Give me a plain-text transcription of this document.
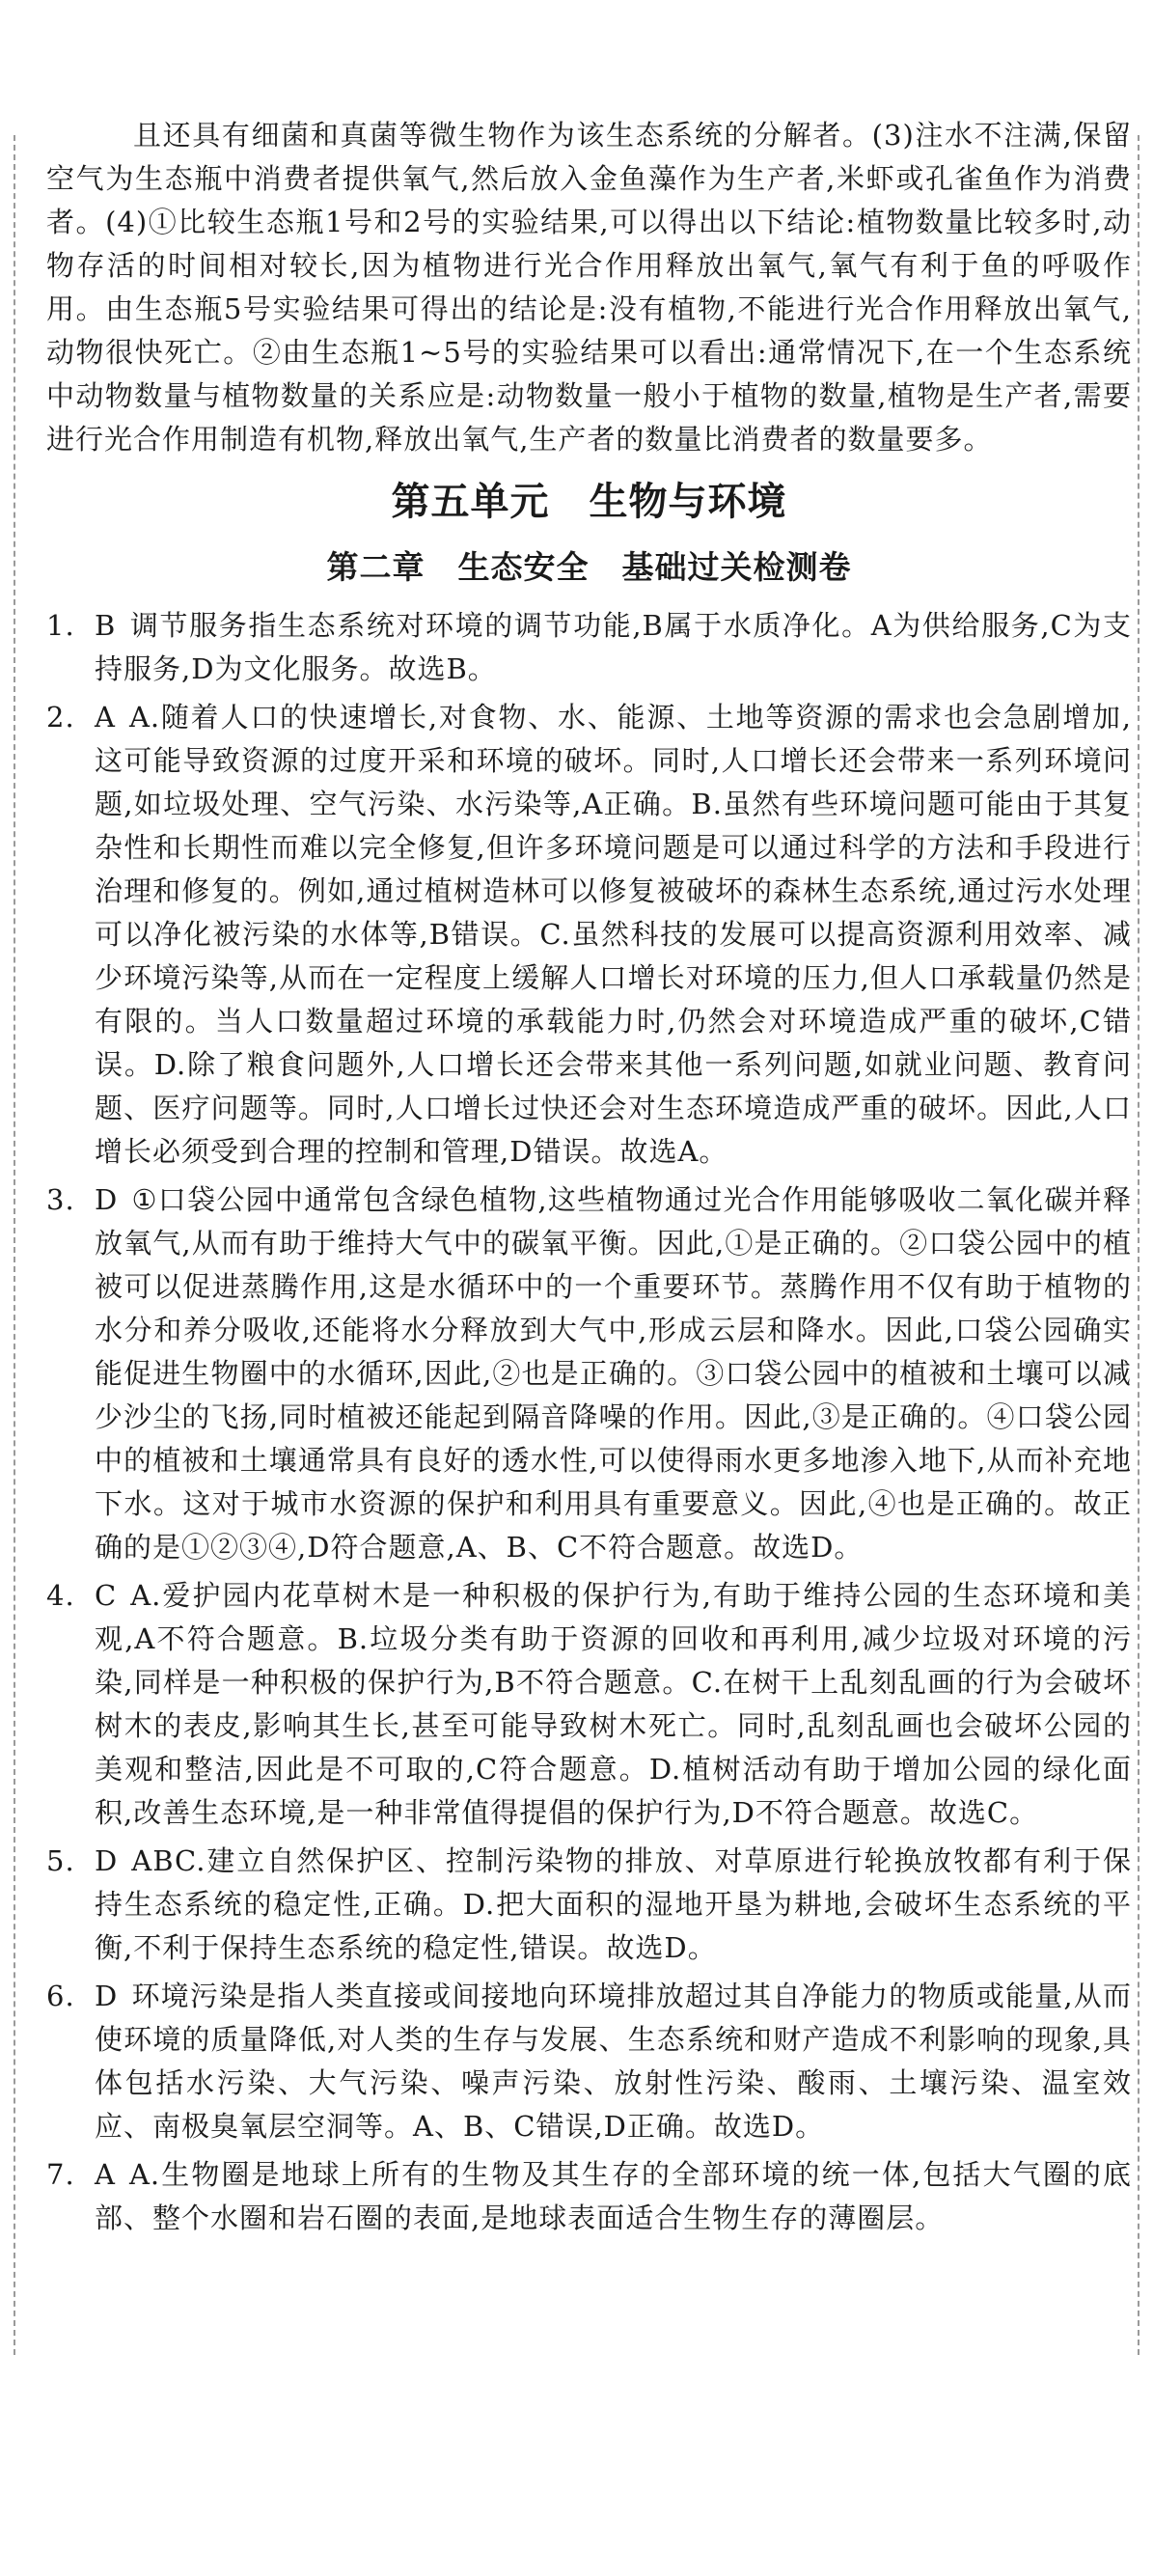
且还具有细菌和真菌等微生物作为该生态系统的分解者。(3)注水不注满,保留空气为生态瓶中消费者提供氧气,然后放入金鱼藻作为生产者,米虾或孔雀鱼作为消费者。(4)①比较生态瓶1号和2号的实验结果,可以得出以下结论:植物数量比较多时,动物存活的时间相对较长,因为植物进行光合作用释放出氧气,氧气有利于鱼的呼吸作用。由生态瓶5号实验结果可得出的结论是:没有植物,不能进行光合作用释放出氧气,动物很快死亡。②由生态瓶1~5号的实验结果可以看出:通常情况下,在一个生态系统中动物数量与植物数量的关系应是:动物数量一般小于植物的数量,植物是生产者,需要进行光合作用制造有机物,释放出氧气,生产者的数量比消费者的数量要多。

第五单元　生物与环境
第二章　生态安全　基础过关检测卷

1. B 调节服务指生态系统对环境的调节功能,B属于水质净化。A为供给服务,C为支持服务,D为文化服务。故选B。

2. A A.随着人口的快速增长,对食物、水、能源、土地等资源的需求也会急剧增加,这可能导致资源的过度开采和环境的破坏。同时,人口增长还会带来一系列环境问题,如垃圾处理、空气污染、水污染等,A正确。B.虽然有些环境问题可能由于其复杂性和长期性而难以完全修复,但许多环境问题是可以通过科学的方法和手段进行治理和修复的。例如,通过植树造林可以修复被破坏的森林生态系统,通过污水处理可以净化被污染的水体等,B错误。C.虽然科技的发展可以提高资源利用效率、减少环境污染等,从而在一定程度上缓解人口增长对环境的压力,但人口承载量仍然是有限的。当人口数量超过环境的承载能力时,仍然会对环境造成严重的破坏,C错误。D.除了粮食问题外,人口增长还会带来其他一系列问题,如就业问题、教育问题、医疗问题等。同时,人口增长过快还会对生态环境造成严重的破坏。因此,人口增长必须受到合理的控制和管理,D错误。故选A。

3. D ①口袋公园中通常包含绿色植物,这些植物通过光合作用能够吸收二氧化碳并释放氧气,从而有助于维持大气中的碳氧平衡。因此,①是正确的。②口袋公园中的植被可以促进蒸腾作用,这是水循环中的一个重要环节。蒸腾作用不仅有助于植物的水分和养分吸收,还能将水分释放到大气中,形成云层和降水。因此,口袋公园确实能促进生物圈中的水循环,因此,②也是正确的。③口袋公园中的植被和土壤可以减少沙尘的飞扬,同时植被还能起到隔音降噪的作用。因此,③是正确的。④口袋公园中的植被和土壤通常具有良好的透水性,可以使得雨水更多地渗入地下,从而补充地下水。这对于城市水资源的保护和利用具有重要意义。因此,④也是正确的。故正确的是①②③④,D符合题意,A、B、C不符合题意。故选D。

4. C A.爱护园内花草树木是一种积极的保护行为,有助于维持公园的生态环境和美观,A不符合题意。B.垃圾分类有助于资源的回收和再利用,减少垃圾对环境的污染,同样是一种积极的保护行为,B不符合题意。C.在树干上乱刻乱画的行为会破坏树木的表皮,影响其生长,甚至可能导致树木死亡。同时,乱刻乱画也会破坏公园的美观和整洁,因此是不可取的,C符合题意。D.植树活动有助于增加公园的绿化面积,改善生态环境,是一种非常值得提倡的保护行为,D不符合题意。故选C。

5. D ABC.建立自然保护区、控制污染物的排放、对草原进行轮换放牧都有利于保持生态系统的稳定性,正确。D.把大面积的湿地开垦为耕地,会破坏生态系统的平衡,不利于保持生态系统的稳定性,错误。故选D。

6. D 环境污染是指人类直接或间接地向环境排放超过其自净能力的物质或能量,从而使环境的质量降低,对人类的生存与发展、生态系统和财产造成不利影响的现象,具体包括水污染、大气污染、噪声污染、放射性污染、酸雨、土壤污染、温室效应、南极臭氧层空洞等。A、B、C错误,D正确。故选D。

7. A A.生物圈是地球上所有的生物及其生存的全部环境的统一体,包括大气圈的底部、整个水圈和岩石圈的表面,是地球表面适合生物生存的薄圈层。
